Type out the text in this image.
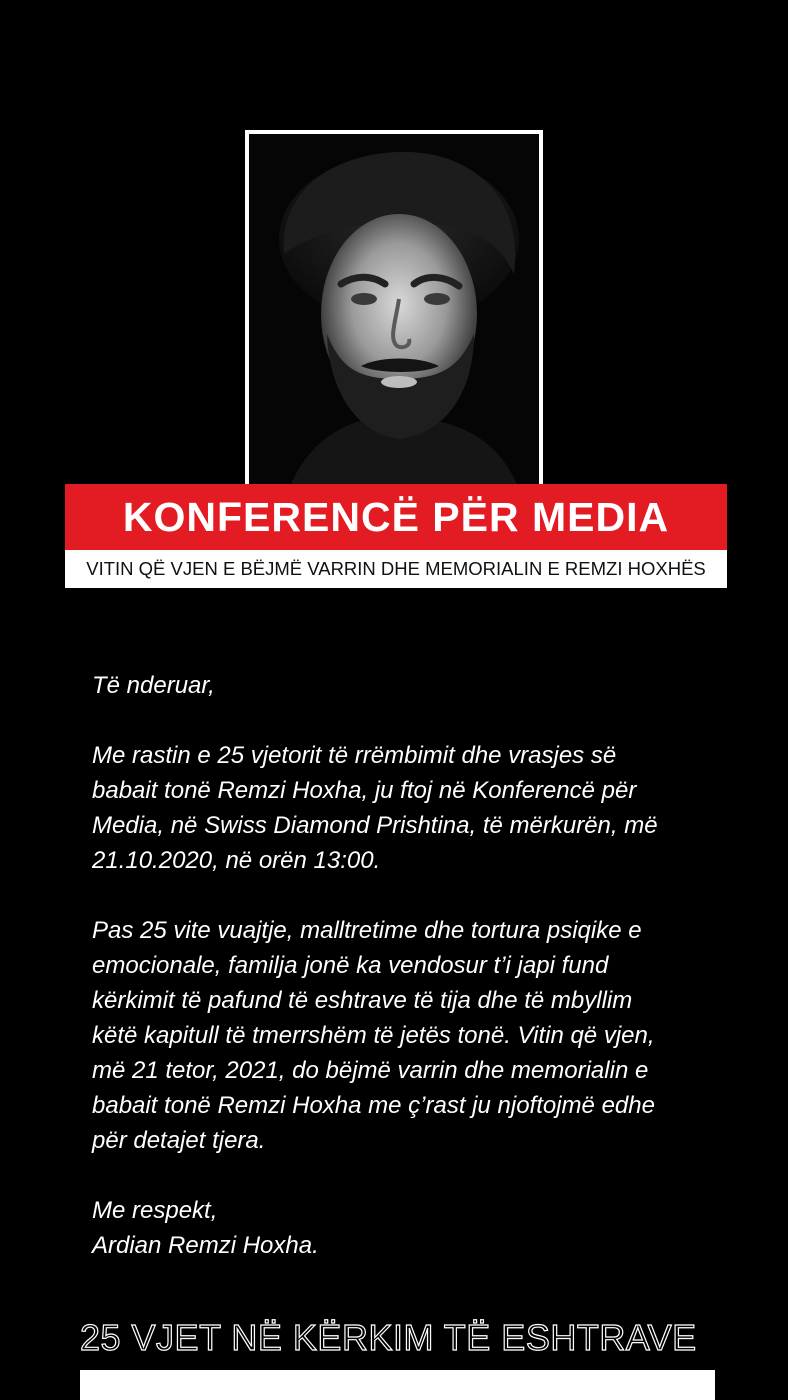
KONFERENCË PËR MEDIA
VITIN QË VJEN E BËJMË VARRIN DHE MEMORIALIN E REMZI HOXHËS

Të nderuar,

Me rastin e 25 vjetorit të rrëmbimit dhe vrasjes së
babait tonë Remzi Hoxha, ju ftoj në Konferencë për
Media, në Swiss Diamond Prishtina, të mërkurën, më
21.10.2020, në orën 13:00.

Pas 25 vite vuajtje, malltretime dhe tortura psiqike e
emocionale, familja jonë ka vendosur t’i japi fund
kërkimit të pafund të eshtrave të tija dhe të mbyllim
këtë kapitull të tmerrshëm të jetës tonë. Vitin që vjen,
më 21 tetor, 2021, do bëjmë varrin dhe memorialin e
babait tonë Remzi Hoxha me ç’rast ju njoftojmë edhe
për detajet tjera.

Me respekt,
Ardian Remzi Hoxha.

25 VJET NË KËRKIM TË ESHTRAVE
